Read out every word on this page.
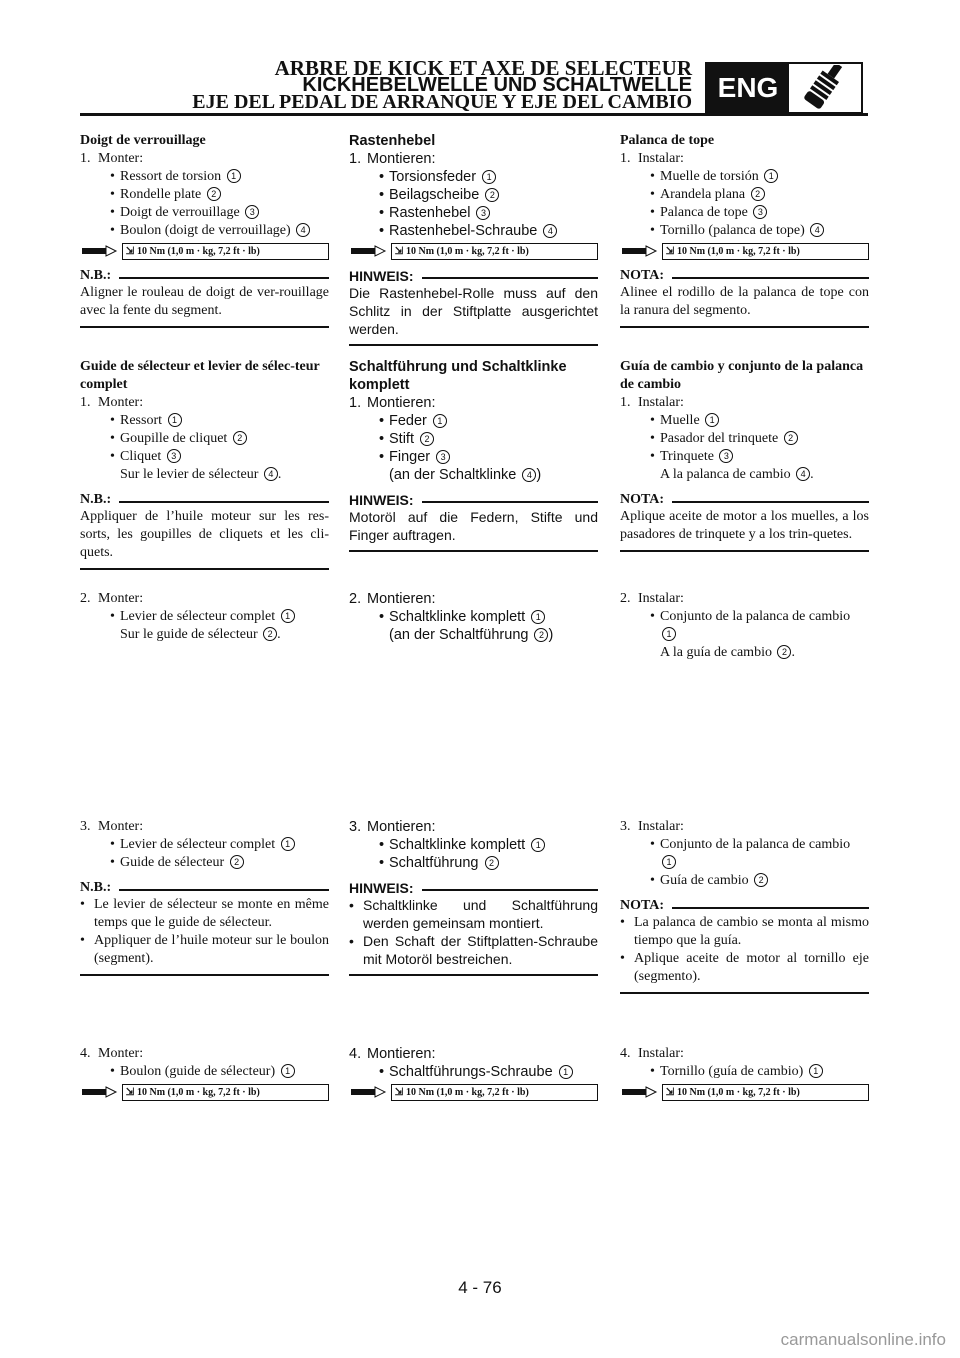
ARBRE DE KICK ET AXE DE SELECTEUR
KICKHEBELWELLE UND SCHALTWELLE
EJE DEL PEDAL DE ARRANQUE Y EJE DEL CAMBIO ENG
Doigt de verrouillage
1. Monter:
• Ressort de torsion 1
• Rondelle plate 2
• Doigt de verrouillage 3
• Boulon (doigt de verrouillage) 4
⇲ 10 Nm (1,0 m · kg, 7,2 ft · lb)
N.B.:
Aligner le rouleau de doigt de ver-rouillage avec la fente du segment.
Guide de sélecteur et levier de sélec-teur complet
1. Monter:
• Ressort 1
• Goupille de cliquet 2
• Cliquet 3
Sur le levier de sélecteur 4 .
N.B.:
Appliquer de l’huile moteur sur les res-sorts, les goupilles de cliquets et les cli-quets.
2. Monter:
• Levier de sélecteur complet 1
Sur le guide de sélecteur 2 .
3. Monter:
• Levier de sélecteur complet 1
• Guide de sélecteur 2
N.B.:
• Le levier de sélecteur se monte en même temps que le guide de sélecteur.
• Appliquer de l’huile moteur sur le boulon (segment).
4. Monter:
• Boulon (guide de sélecteur) 1
⇲ 10 Nm (1,0 m · kg, 7,2 ft · lb)
Rastenhebel
1. Montieren:
• Torsionsfeder 1
• Beilagscheibe 2
• Rastenhebel 3
• Rastenhebel-Schraube 4
⇲ 10 Nm (1,0 m · kg, 7,2 ft · lb)
HINWEIS:
Die Rastenhebel-Rolle muss auf den Schlitz in der Stiftplatte ausgerichtet werden.
Schaltführung und Schaltklinke komplett
1. Montieren:
• Feder 1
• Stift 2
• Finger 3
(an der Schaltklinke 4 )
HINWEIS:
Motoröl auf die Federn, Stifte und Finger auftragen.
2. Montieren:
• Schaltklinke komplett 1
(an der Schaltführung 2 )
3. Montieren:
• Schaltklinke komplett 1
• Schaltführung 2
HINWEIS:
• Schaltklinke und Schaltführung werden gemeinsam montiert.
• Den Schaft der Stiftplatten-Schraube mit Motoröl bestreichen.
4. Montieren:
• Schaltführungs-Schraube 1
⇲ 10 Nm (1,0 m · kg, 7,2 ft · lb)
Palanca de tope
1. Instalar:
• Muelle de torsión 1
• Arandela plana 2
• Palanca de tope 3
• Tornillo (palanca de tope) 4
⇲ 10 Nm (1,0 m · kg, 7,2 ft · lb)
NOTA:
Alinee el rodillo de la palanca de tope con la ranura del segmento.
Guía de cambio y conjunto de la palanca de cambio
1. Instalar:
• Muelle 1
• Pasador del trinquete 2
• Trinquete 3
A la palanca de cambio 4 .
NOTA:
Aplique aceite de motor a los muelles, a los pasadores de trinquete y a los trin-quetes.
2. Instalar:
• Conjunto de la palanca de cambio 1
A la guía de cambio 2 .
3. Instalar:
• Conjunto de la palanca de cambio 1
• Guía de cambio 2
NOTA:
• La palanca de cambio se monta al mismo tiempo que la guía.
• Aplique aceite de motor al tornillo eje (segmento).
4. Instalar:
• Tornillo (guía de cambio) 1
⇲ 10 Nm (1,0 m · kg, 7,2 ft · lb)
4 - 76
carmanualsonline.info
